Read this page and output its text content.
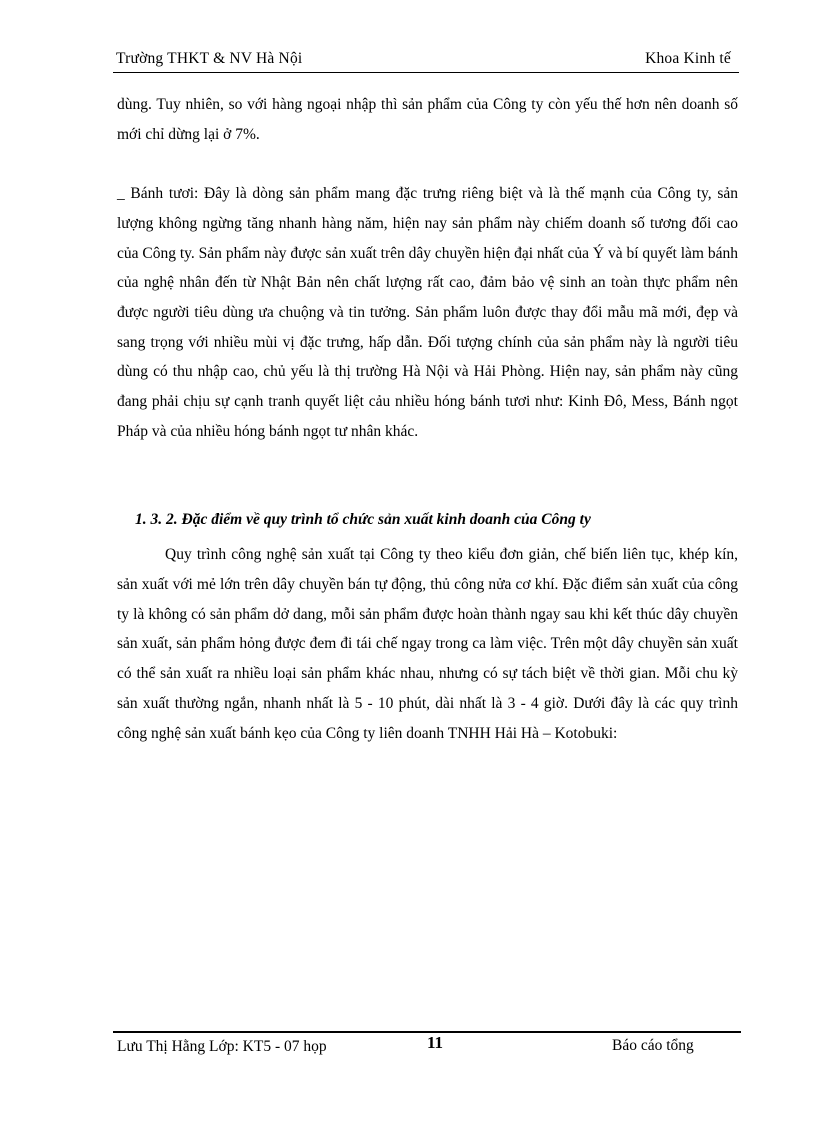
Trường THKT & NV Hà Nội	Khoa Kinh tế

dùng. Tuy nhiên, so với hàng ngoại nhập thì sản phẩm của Công ty còn yếu thế hơn nên doanh số mới chỉ dừng lại ở 7%.

_ Bánh tươi: Đây là dòng sản phẩm mang đặc trưng riêng biệt và là thế mạnh của Công ty, sản lượng không ngừng tăng nhanh hàng năm, hiện nay sản phẩm này chiếm doanh số tương đối cao của Công ty. Sản phẩm này được sản xuất trên dây chuyền hiện đại nhất của Ý và bí quyết làm bánh của nghệ nhân đến từ Nhật Bản nên chất lượng rất cao, đảm bảo vệ sinh an toàn thực phẩm nên được người tiêu dùng ưa chuộng và tin tưởng. Sản phẩm luôn được thay đổi mẫu mã mới, đẹp và sang trọng với nhiều mùi vị đặc trưng, hấp dẫn. Đối tượng chính của sản phẩm này là người tiêu dùng có thu nhập cao, chủ yếu là thị trường Hà Nội và Hải Phòng. Hiện nay, sản phẩm này cũng đang phải chịu sự cạnh tranh quyết liệt cảu nhiều hóng bánh tươi như: Kinh Đô, Mess, Bánh ngọt Pháp và của nhiều hóng bánh ngọt tư nhân khác.

1. 3. 2. Đặc điểm về quy trình tổ chức sản xuất kinh doanh của Công ty

Quy trình công nghệ sản xuất tại Công ty theo kiểu đơn giản, chế biến liên tục, khép kín, sản xuất với mẻ lớn trên dây chuyền bán tự động, thủ công nửa cơ khí. Đặc điểm sản xuất của công ty là không có sản phẩm dở dang, mỗi sản phẩm được hoàn thành ngay sau khi kết thúc dây chuyền sản xuất, sản phẩm hỏng được đem đi tái chế ngay trong ca làm việc. Trên một dây chuyền sản xuất có thể sản xuất ra nhiều loại sản phẩm khác nhau, nhưng có sự tách biệt về thời gian. Mỗi chu kỳ sản xuất thường ngắn, nhanh nhất là 5 - 10 phút, dài nhất là 3 - 4 giờ. Dưới đây là các quy trình công nghệ sản xuất bánh kẹo của Công ty liên doanh TNHH Hải Hà – Kotobuki:

Lưu Thị Hằng Lớp: KT5 - 07 họp	11	Báo cáo tổng
